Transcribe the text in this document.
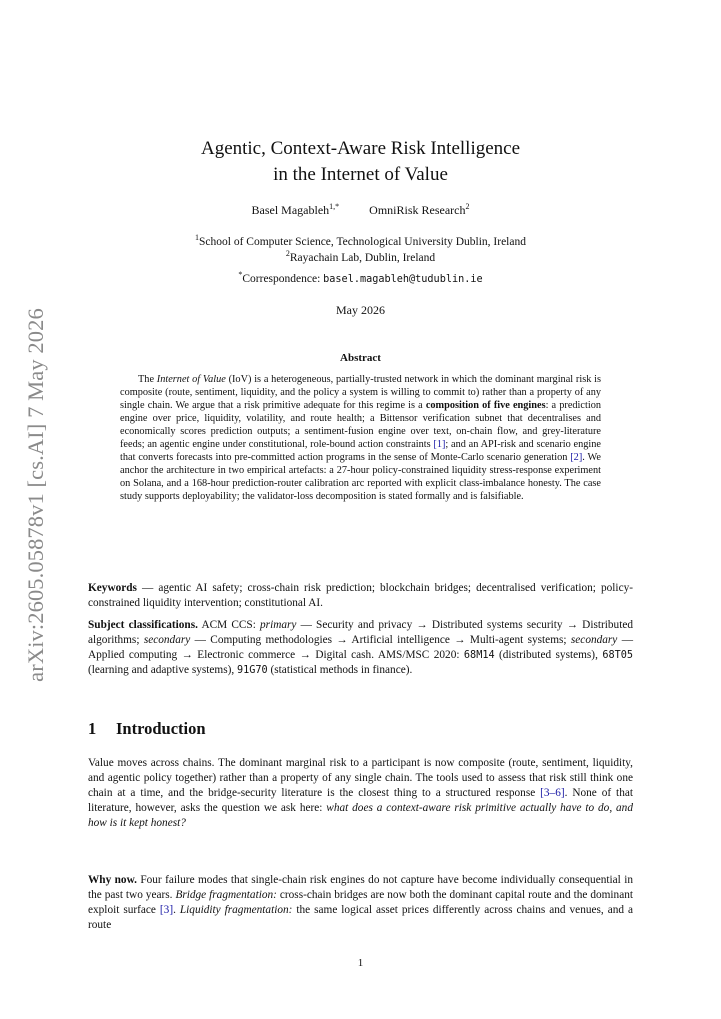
arXiv:2605.05878v1 [cs.AI] 7 May 2026
Agentic, Context-Aware Risk Intelligence
in the Internet of Value
Basel Magableh$^{1,*}$	OmniRisk Research$^2$
$^1$School of Computer Science, Technological University Dublin, Ireland
$^2$Rayachain Lab, Dublin, Ireland
*Correspondence: basel.magableh@tudublin.ie
May 2026
Abstract

The Internet of Value (IoV) is a heterogeneous, partially-trusted network in which the dominant marginal risk is composite (route, sentiment, liquidity, and the policy a system is willing to commit to) rather than a property of any single chain. We argue that a risk primitive adequate for this regime is a composition of five engines: a prediction engine over price, liquidity, volatility, and route health; a Bittensor verification subnet that decentralises and economically scores prediction outputs; a sentiment-fusion engine over text, on-chain flow, and grey-literature feeds; an agentic engine under constitutional, role-bound action constraints [1]; and an API-risk and scenario engine that converts forecasts into pre-committed action programs in the sense of Monte-Carlo scenario generation [2]. We anchor the architecture in two empirical artefacts: a 27-hour policy-constrained liquidity stress-response experiment on Solana, and a 168-hour prediction-router calibration arc reported with explicit class-imbalance honesty. The case study supports deployability; the validator-loss decomposition is stated formally and is falsifiable.

Keywords — agentic AI safety; cross-chain risk prediction; blockchain bridges; decentralised verification; policy-constrained liquidity intervention; constitutional AI.

Subject classifications. ACM CCS: primary — Security and privacy → Distributed systems security → Distributed algorithms; secondary — Computing methodologies → Artificial intelligence → Multi-agent systems; secondary — Applied computing → Electronic commerce → Digital cash. AMS/MSC 2020: 68M14 (distributed systems), 68T05 (learning and adaptive systems), 91G70 (statistical methods in finance).

1 Introduction

Value moves across chains. The dominant marginal risk to a participant is now composite (route, sentiment, liquidity, and agentic policy together) rather than a property of any single chain. The tools used to assess that risk still think one chain at a time, and the bridge-security literature is the closest thing to a structured response [3–6]. None of that literature, however, asks the question we ask here: what does a context-aware risk primitive actually have to do, and how is it kept honest?

Why now. Four failure modes that single-chain risk engines do not capture have become individually consequential in the past two years. Bridge fragmentation: cross-chain bridges are now both the dominant capital route and the dominant exploit surface [3]. Liquidity fragmentation: the same logical asset prices differently across chains and venues, and a route

1
